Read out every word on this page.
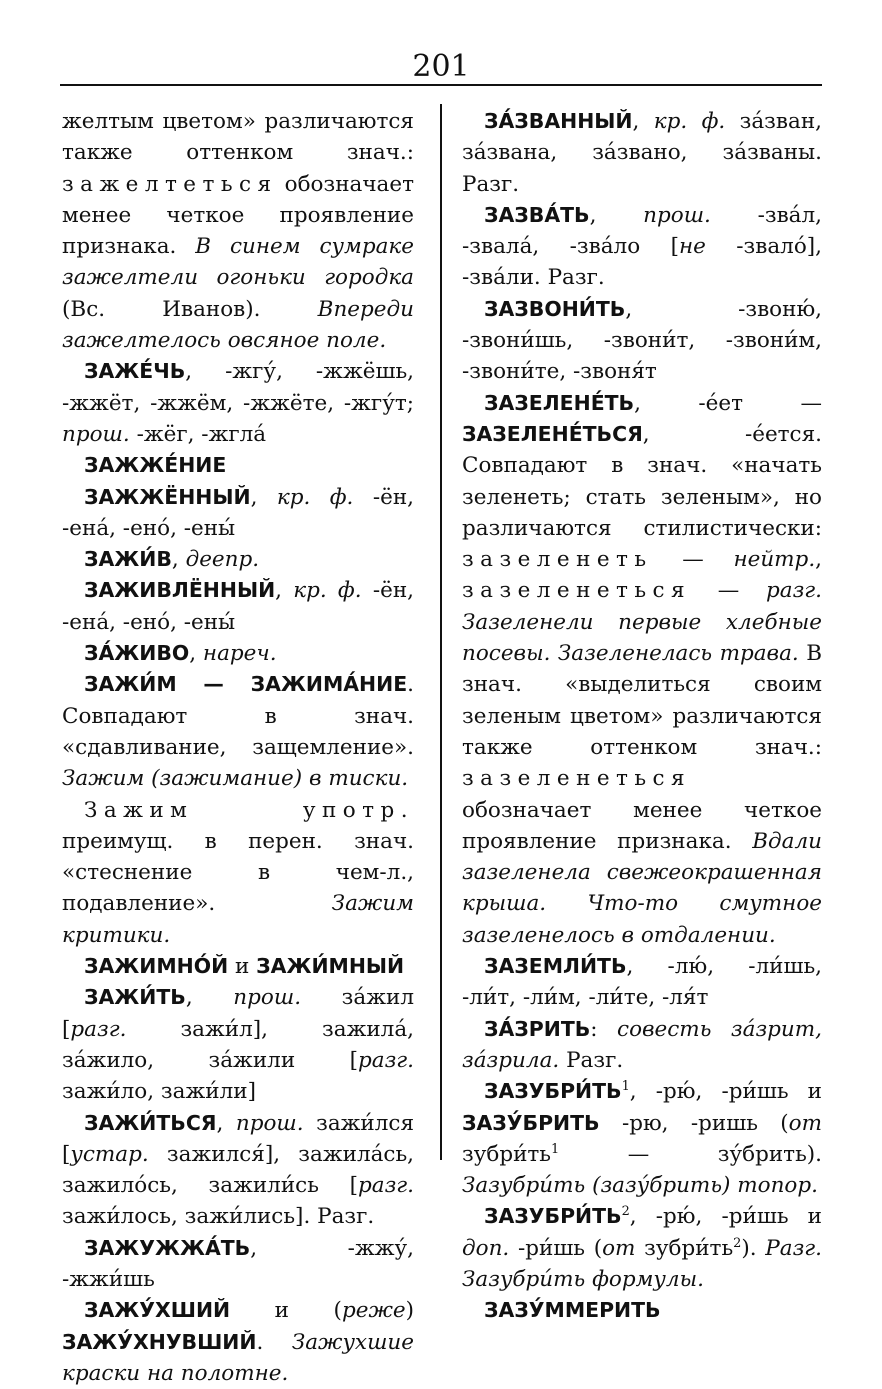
201

желтым цветом» различаются также оттенком знач.: зажелтеться обозначает менее четкое проявление признака. В синем сумраке зажелтели огоньки городка (Вс. Иванов). Впереди зажелтелось овсяное поле.

ЗАЖЕ́ЧЬ, -жгу́, -жжёшь, -жжёт, -жжём, -жжёте, -жгу́т; прош. -жёг, -жгла́

ЗАЖЖЕ́НИЕ

ЗАЖЖЁННЫЙ, кр. ф. -ён, -ена́, -ено́, -ены́

ЗАЖИ́В, деепр.

ЗАЖИВЛЁННЫЙ, кр. ф. -ён, -ена́, -ено́, -ены́

ЗА́ЖИВО, нареч.

ЗАЖИ́М — ЗАЖИМА́НИЕ. Совпадают в знач. «сдавливание, защемление». Зажим (зажимание) в тиски.

Зажим употр. преимущ. в перен. знач. «стеснение в чем-л., подавление». Зажим критики.

ЗАЖИМНО́Й и ЗАЖИ́МНЫЙ

ЗАЖИ́ТЬ, прош. за́жил [разг. зажи́л], зажила́, за́жило, за́жили [разг. зажи́ло, зажи́ли]

ЗАЖИ́ТЬСЯ, прош. зажи́лся [устар. зажился́], зажила́сь, зажило́сь, зажили́сь [разг. зажи́лось, зажи́лись]. Разг.

ЗАЖУЖЖА́ТЬ, -жжу́, -жжи́шь

ЗАЖУ́ХШИЙ и (реже) ЗАЖУ́ХНУВШИЙ. Зажухшие краски на полотне.

ЗА́ЗВАННЫЙ, кр. ф. за́зван, за́звана, за́звано, за́званы. Разг.

ЗАЗВА́ТЬ, прош. -зва́л, -звала́, -зва́ло [не -звало́], -зва́ли. Разг.

ЗАЗВОНИ́ТЬ, -звоню́, -звони́шь, -звони́т, -звони́м, -звони́те, -звоня́т

ЗАЗЕЛЕНЕ́ТЬ, -е́ет — ЗАЗЕЛЕНЕ́ТЬСЯ, -е́ется. Совпадают в знач. «начать зеленеть; стать зеленым», но различаются стилистически: зазеленеть — нейтр., зазеленеться — разг. Зазеленели первые хлебные посевы. Зазеленелась трава. В знач. «выделиться своим зеленым цветом» различаются также оттенком знач.: зазеленеться обозначает менее четкое проявление признака. Вдали зазеленела свежеокрашенная крыша. Что-то смутное зазеленелось в отдалении.

ЗАЗЕМЛИ́ТЬ, -лю́, -ли́шь, -ли́т, -ли́м, -ли́те, -ля́т

ЗА́ЗРИТЬ: совесть за́зрит, за́зрила. Разг.

$ЗАЗУБРИ́ТЬ^1$, -рю́, -ри́шь и ЗАЗУ́БРИТЬ -рю, -ришь (от $зубри́ть^1$ — зу́брить). Зазубри́ть (зазу́брить) топор.

$ЗАЗУБРИ́ТЬ^2$, -рю́, -ри́шь и доп. -ри́шь (от $зубри́ть^2$). Разг. Зазубри́ть формулы.

ЗАЗУ́ММЕРИТЬ
